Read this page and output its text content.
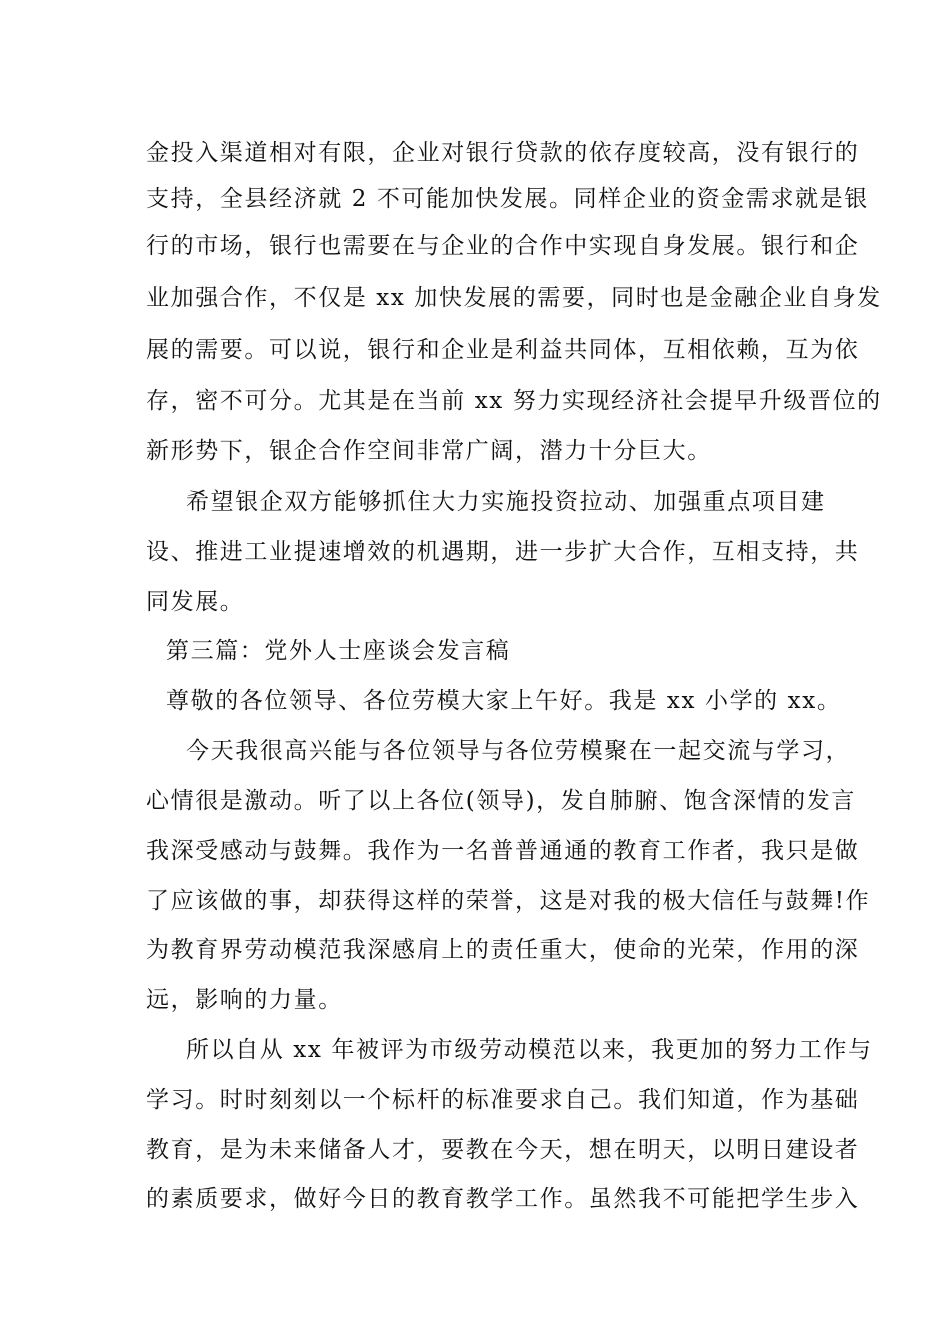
金投入渠道相对有限，企业对银行贷款的依存度较高，没有银行的
支持，全县经济就 2 不可能加快发展。同样企业的资金需求就是银
行的市场，银行也需要在与企业的合作中实现自身发展。银行和企
业加强合作，不仅是 xx 加快发展的需要，同时也是金融企业自身发
展的需要。可以说，银行和企业是利益共同体，互相依赖，互为依
存，密不可分。尤其是在当前 xx 努力实现经济社会提早升级晋位的
新形势下，银企合作空间非常广阔，潜力十分巨大。
希望银企双方能够抓住大力实施投资拉动、加强重点项目建
设、推进工业提速增效的机遇期，进一步扩大合作，互相支持，共
同发展。
第三篇：党外人士座谈会发言稿
尊敬的各位领导、各位劳模大家上午好。我是 xx 小学的 xx。
今天我很高兴能与各位领导与各位劳模聚在一起交流与学习，
心情很是激动。听了以上各位(领导)，发自肺腑、饱含深情的发言
我深受感动与鼓舞。我作为一名普普通通的教育工作者，我只是做
了应该做的事，却获得这样的荣誉，这是对我的极大信任与鼓舞!作
为教育界劳动模范我深感肩上的责任重大，使命的光荣，作用的深
远，影响的力量。
所以自从 xx 年被评为市级劳动模范以来，我更加的努力工作与
学习。时时刻刻以一个标杆的标准要求自己。我们知道，作为基础
教育，是为未来储备人才，要教在今天，想在明天，以明日建设者
的素质要求，做好今日的教育教学工作。虽然我不可能把学生步入
